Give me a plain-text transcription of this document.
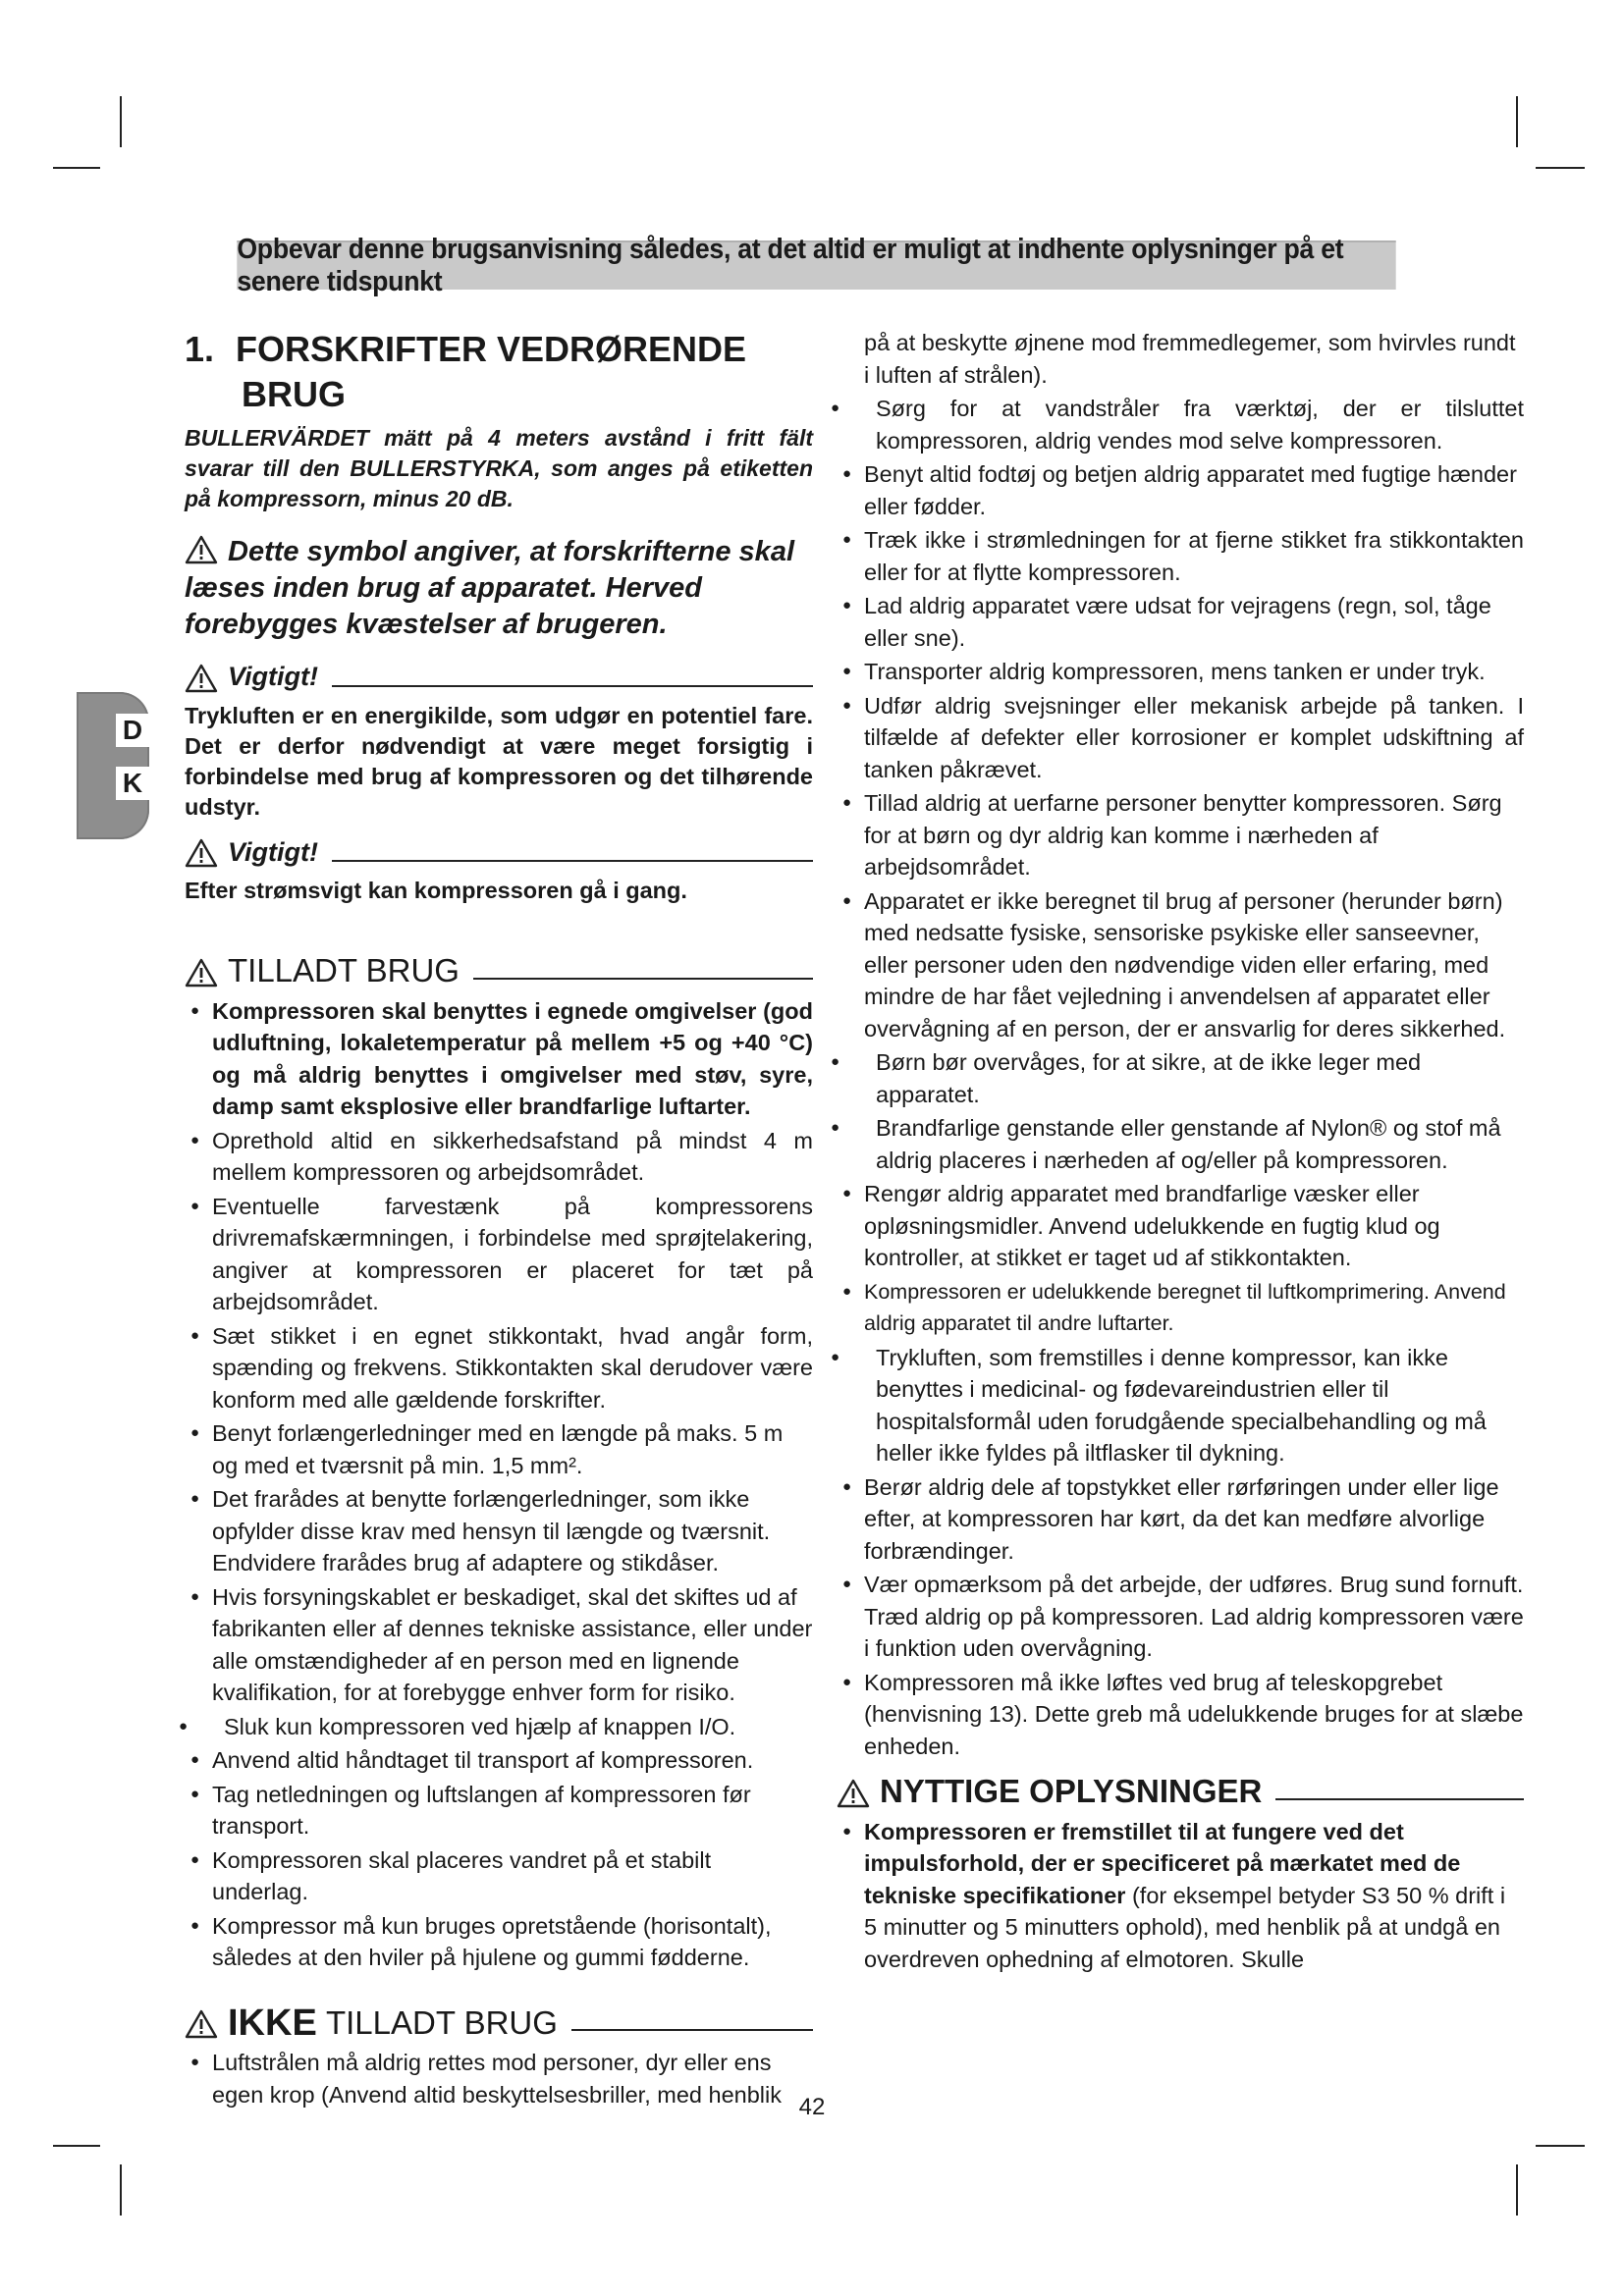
Opbevar denne brugsanvisning således, at det altid er muligt at indhente oplysninger på et senere tidspunkt
D
K
1. FORSKRIFTER VEDRØRENDE
BRUG

BULLERVÄRDET mätt på 4 meters avstånd i fritt fält svarar till den BULLERSTYRKA, som anges på etiketten på kompressorn, minus 20 dB.

Dette symbol angiver, at forskrifterne skal læses inden brug af apparatet. Herved forebygges kvæstelser af brugeren.

Vigtigt!

Trykluften er en energikilde, som udgør en potentiel fare. Det er derfor nødvendigt at være meget forsigtig i forbindelse med brug af kompressoren og det tilhørende udstyr.

Vigtigt!

Efter strømsvigt kan kompressoren gå i gang.

TILLADT BRUG
● Kompressoren skal benyttes i egnede omgivelser (god udluftning, lokaletemperatur på mellem +5 og +40 °C) og må aldrig benyttes i omgivelser med støv, syre, damp samt eksplosive eller brandfarlige luftarter.
● Oprethold altid en sikkerhedsafstand på mindst 4 m mellem kompressoren og arbejdsområdet.
● Eventuelle farvestænk på kompressorens drivremafskærmningen, i forbindelse med sprøjtelakering, angiver at kompressoren er placeret for tæt på arbejdsområdet.
● Sæt stikket i en egnet stikkontakt, hvad angår form, spænding og frekvens. Stikkontakten skal derudover være konform med alle gældende forskrifter.
● Benyt forlængerledninger med en længde på maks. 5 m og med et tværsnit på min. 1,5 mm².
● Det frarådes at benytte forlængerledninger, som ikke opfylder disse krav med hensyn til længde og tværsnit. Endvidere frarådes brug af adaptere og stikdåser.
● Hvis forsyningskablet er beskadiget, skal det skiftes ud af fabrikanten eller af dennes tekniske assistance, eller under alle omstændigheder af en person med en lignende kvalifikation, for at forebygge enhver form for risiko.
● Sluk kun kompressoren ved hjælp af knappen I/O.
● Anvend altid håndtaget til transport af kompressoren.
● Tag netledningen og luftslangen af kompressoren før transport.
● Kompressoren skal placeres vandret på et stabilt underlag.
● Kompressor må kun bruges opretstående (horisontalt), således at den hviler på hjulene og gummi fødderne.
IKKE
TILLADT BRUG
● Luftstrålen må aldrig rettes mod personer, dyr eller ens egen krop (Anvend altid beskyttelsesbriller, med henblik

på at beskytte øjnene mod fremmedlegemer, som hvirvles rundt i luften af strålen).

● Sørg for at vandstråler fra værktøj, der er tilsluttet kompressoren, aldrig vendes mod selve kompressoren.
● Benyt altid fodtøj og betjen aldrig apparatet med fugtige hænder eller fødder.
● Træk ikke i strømledningen for at fjerne stikket fra stikkontakten eller for at flytte kompressoren.
● Lad aldrig apparatet være udsat for vejragens (regn, sol, tåge eller sne).
● Transporter aldrig kompressoren, mens tanken er under tryk.
● Udfør aldrig svejsninger eller mekanisk arbejde på tanken. I tilfælde af defekter eller korrosioner er komplet udskiftning af tanken påkrævet.
● Tillad aldrig at uerfarne personer benytter kompressoren. Sørg for at børn og dyr aldrig kan komme i nærheden af arbejdsområdet.
● Apparatet er ikke beregnet til brug af personer (herunder børn) med nedsatte fysiske, sensoriske psykiske eller sanseevner, eller personer uden den nødvendige viden eller erfaring, med mindre de har fået vejledning i anvendelsen af apparatet eller overvågning af en person, der er ansvarlig for deres sikkerhed.
● Børn bør overvåges, for at sikre, at de ikke leger med apparatet.
● Brandfarlige genstande eller genstande af Nylon® og stof må aldrig placeres i nærheden af og/eller på kompressoren.
● Rengør aldrig apparatet med brandfarlige væsker eller opløsningsmidler. Anvend udelukkende en fugtig klud og kontroller, at stikket er taget ud af stikkontakten.
● Kompressoren er udelukkende beregnet til luftkomprimering. Anvend aldrig apparatet til andre luftarter.
● Trykluften, som fremstilles i denne kompressor, kan ikke benyttes i medicinal- og fødevareindustrien eller til hospitalsformål uden forudgående specialbehandling og må heller ikke fyldes på iltflasker til dykning.
● Berør aldrig dele af topstykket eller rørføringen under eller lige efter, at kompressoren har kørt, da det kan medføre alvorlige forbrændinger.
● Vær opmærksom på det arbejde, der udføres. Brug sund fornuft. Træd aldrig op på kompressoren. Lad aldrig kompressoren være i funktion uden overvågning.
● Kompressoren må ikke løftes ved brug af teleskopgrebet (henvisning 13). Dette greb må udelukkende bruges for at slæbe enheden.
NYTTIGE OPLYSNINGER
● Kompressoren er fremstillet til at fungere ved det impulsforhold, der er specificeret på mærkatet med de tekniske specifikationer (for eksempel betyder S3 50 % drift i 5 minutter og 5 minutters ophold), med henblik på at undgå en overdreven ophedning af elmotoren. Skulle
42
